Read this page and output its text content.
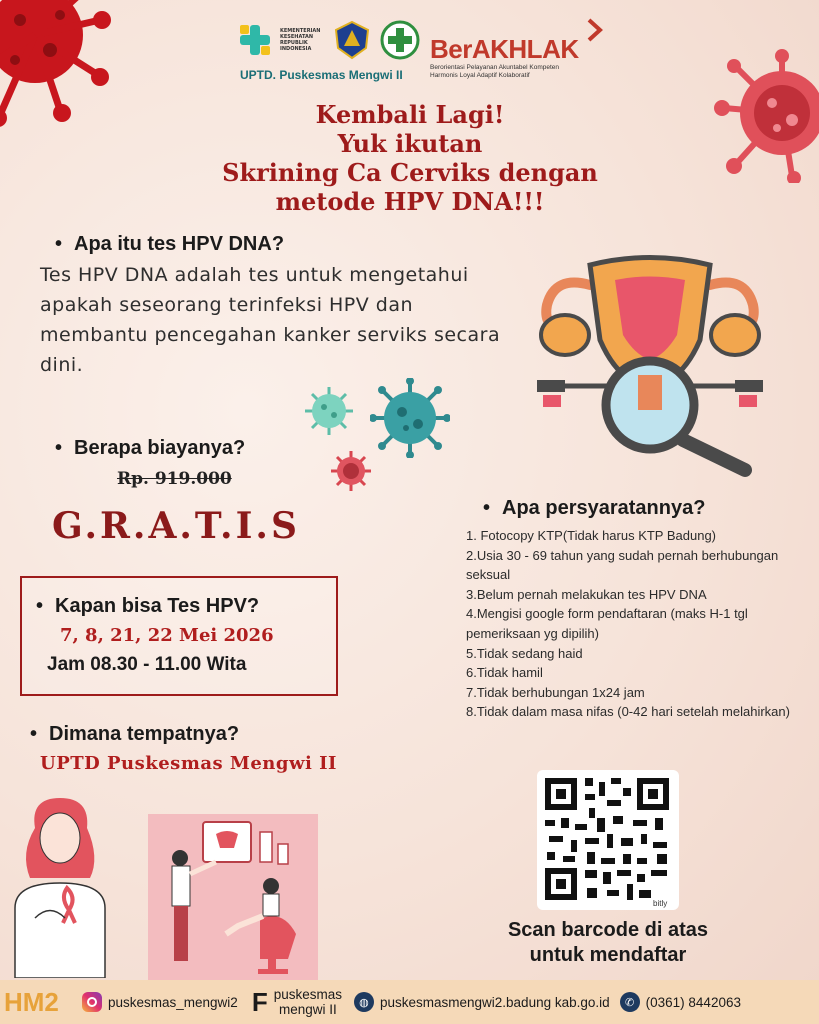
KEMENTERIAN KESEHATAN REPUBLIK INDONESIA
UPTD. Puskesmas Mengwi II
BerAKHLAK
Berorientasi Pelayanan Akuntabel Kompeten
Harmonis Loyal Adaptif Kolaboratif
Kembali Lagi!
Yuk ikutan
Skrining Ca Cerviks dengan
metode HPV DNA!!!
• Apa itu tes HPV DNA?
Tes HPV DNA adalah tes untuk mengetahui apakah seseorang terinfeksi HPV dan membantu pencegahan kanker serviks secara dini.
• Berapa biayanya?
Rp. 919.000
G.R.A.T.I.S
• Kapan bisa Tes HPV?
7, 8, 21, 22 Mei 2026
Jam 08.30 - 11.00 Wita
• Dimana tempatnya?
UPTD Puskesmas Mengwi II
• Apa persyaratannya?
1. Fotocopy KTP(Tidak harus KTP Badung)
2.Usia 30 - 69 tahun yang sudah pernah berhubungan seksual
3.Belum pernah melakukan tes HPV DNA
4.Mengisi google form pendaftaran (maks H-1 tgl pemeriksaan yg dipilih)
5.Tidak sedang haid
6.Tidak hamil
7.Tidak berhubungan 1x24 jam
8.Tidak dalam masa nifas (0-42 hari setelah melahirkan)
bitly
Scan barcode di atas
untuk mendaftar
HM2	puskesmas_mengwi2 F puskesmas
mengwi II	◍ puskesmasmengwi2.badung kab.go.id	✆ (0361) 8442063
